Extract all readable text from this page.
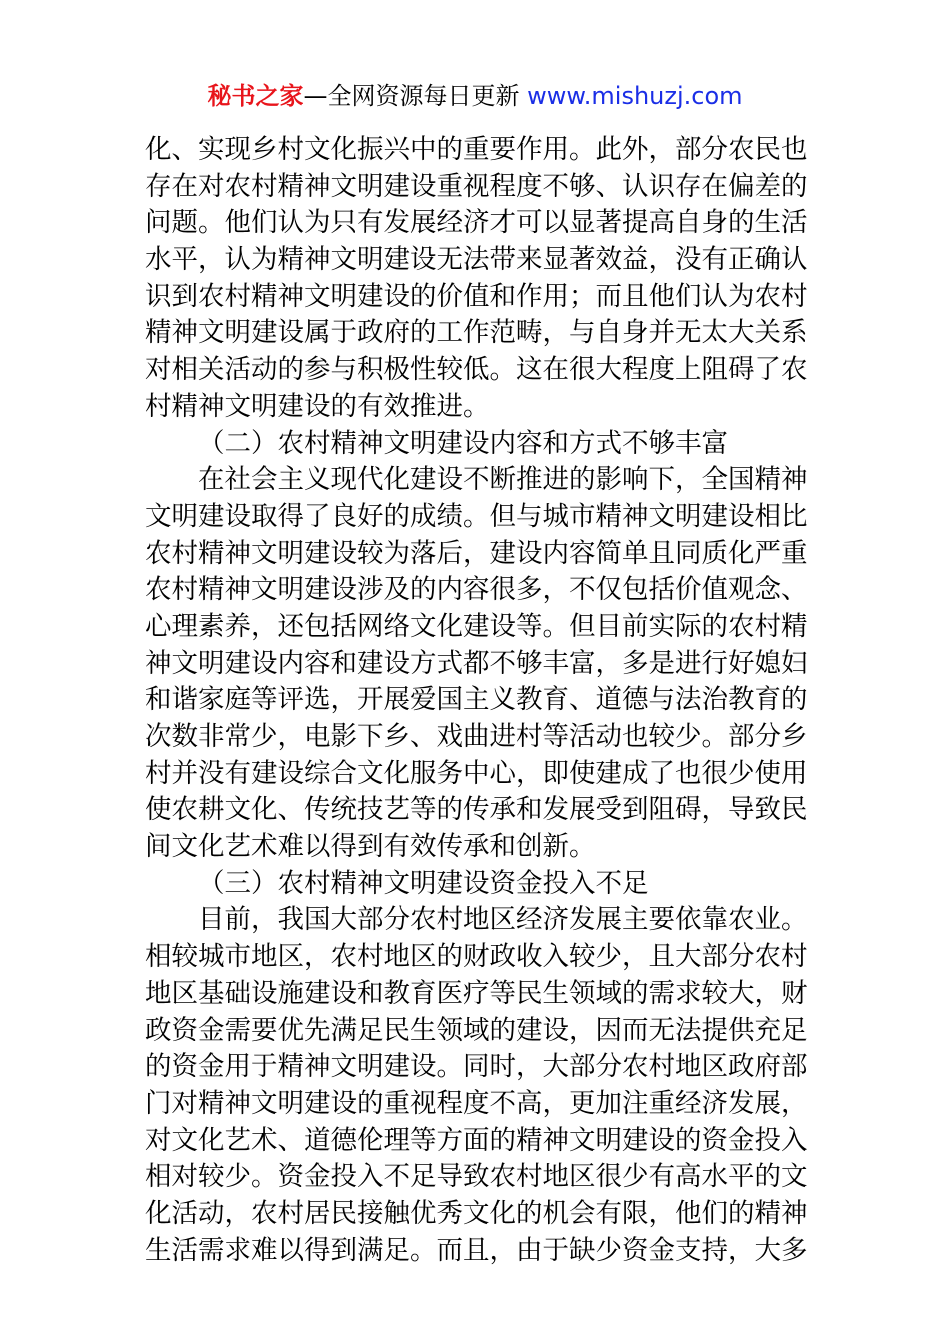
秘书之家—全网资源每日更新 www.mishuzj.com
化、实现乡村文化振兴中的重要作用。此外，部分农民也
存在对农村精神文明建设重视程度不够、认识存在偏差的
问题。他们认为只有发展经济才可以显著提高自身的生活
水平，认为精神文明建设无法带来显著效益，没有正确认
识到农村精神文明建设的价值和作用；而且他们认为农村
精神文明建设属于政府的工作范畴，与自身并无太大关系
对相关活动的参与积极性较低。这在很大程度上阻碍了农
村精神文明建设的有效推进。
（二）农村精神文明建设内容和方式不够丰富
在社会主义现代化建设不断推进的影响下，全国精神
文明建设取得了良好的成绩。但与城市精神文明建设相比
农村精神文明建设较为落后，建设内容简单且同质化严重
农村精神文明建设涉及的内容很多，不仅包括价值观念、
心理素养，还包括网络文化建设等。但目前实际的农村精
神文明建设内容和建设方式都不够丰富，多是进行好媳妇
和谐家庭等评选，开展爱国主义教育、道德与法治教育的
次数非常少，电影下乡、戏曲进村等活动也较少。部分乡
村并没有建设综合文化服务中心，即使建成了也很少使用
使农耕文化、传统技艺等的传承和发展受到阻碍，导致民
间文化艺术难以得到有效传承和创新。
（三）农村精神文明建设资金投入不足
目前，我国大部分农村地区经济发展主要依靠农业。
相较城市地区，农村地区的财政收入较少，且大部分农村
地区基础设施建设和教育医疗等民生领域的需求较大，财
政资金需要优先满足民生领域的建设，因而无法提供充足
的资金用于精神文明建设。同时，大部分农村地区政府部
门对精神文明建设的重视程度不高，更加注重经济发展，
对文化艺术、道德伦理等方面的精神文明建设的资金投入
相对较少。资金投入不足导致农村地区很少有高水平的文
化活动，农村居民接触优秀文化的机会有限，他们的精神
生活需求难以得到满足。而且，由于缺少资金支持，大多
